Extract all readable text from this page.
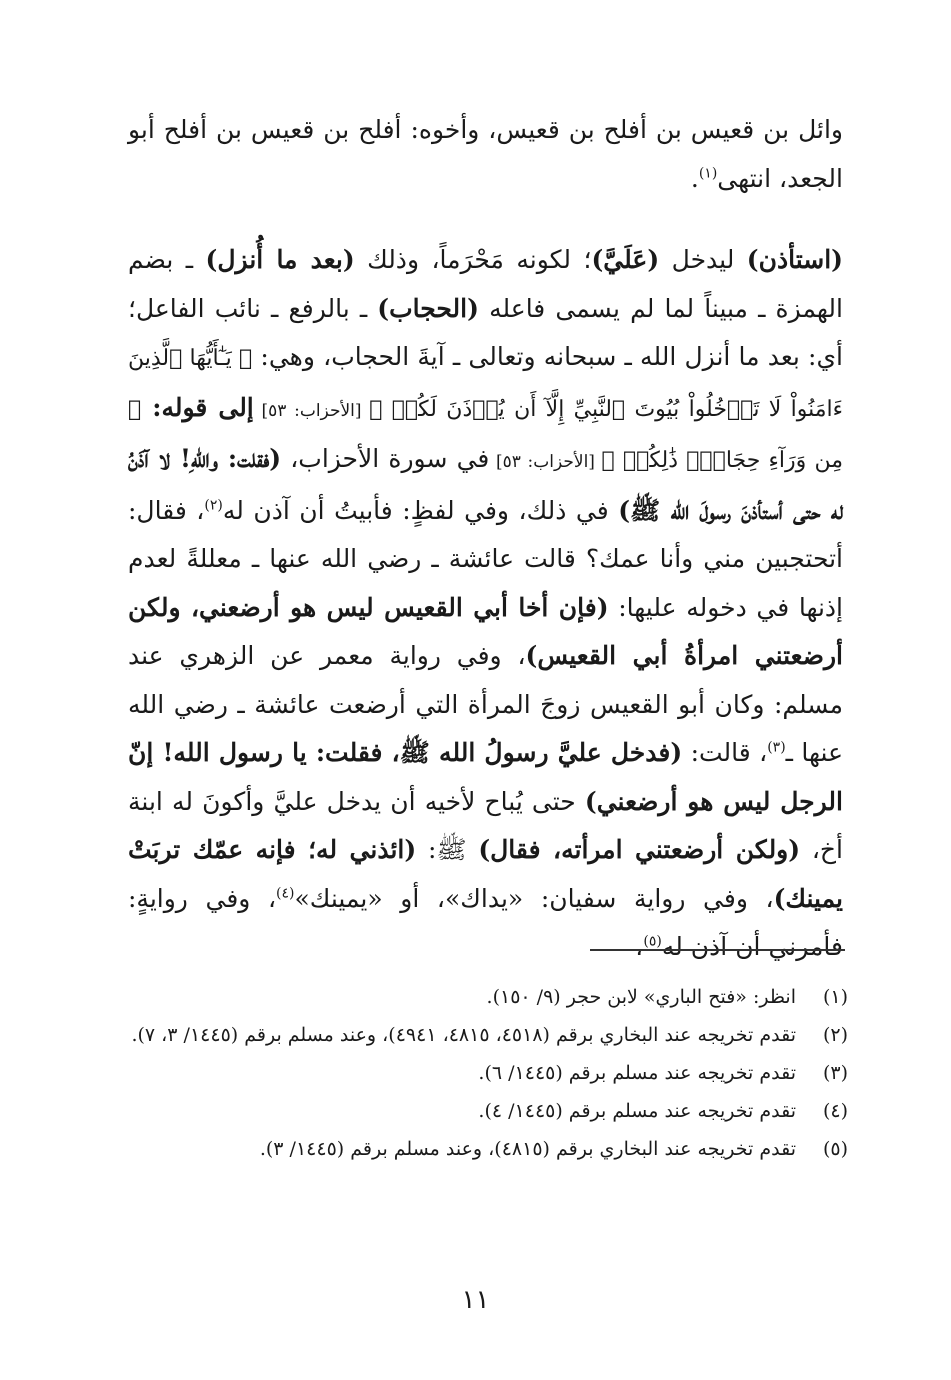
وائل بن قعيس بن أفلح بن قعيس، وأخوه: أفلح بن قعيس بن أفلح أبو الجعد، انتهى$^{(١)}$.

(استأذن) ليدخل (عَلَيَّ)؛ لكونه مَحْرَماً، وذلك (بعد ما أُنزل) ـ بضم الهمزة ـ مبيناً لما لم يسمى فاعله (الحجاب) ـ بالرفع ـ نائب الفاعل؛ أي: بعد ما أنزل الله ـ سبحانه وتعالى ـ آيةَ الحجاب، وهي: ﴿ يَـٰٓأَيُّهَا ٱلَّذِينَ ءَامَنُواْ لَا تَدۡخُلُواْ بُيُوتَ ٱلنَّبِيِّ إِلَّآ أَن يُؤۡذَنَ لَكُمۡ ﴾ [الأحزاب: ٥٣] إلى قوله: ﴿ مِن وَرَآءِ حِجَابٖۚ ذَٰلِكُمۡ ﴾ [الأحزاب: ٥٣] في سورة الأحزاب، (فقلت: واللهِ! لا آذَنُ له حتى أستأذنَ رسولَ الله ﷺ) في ذلك، وفي لفظٍ: فأبيتُ أن آذن له$^{(٢)}$، فقال: أتحتجبين مني وأنا عمك؟ قالت عائشة ـ رضي الله عنها ـ معللةً لعدم إذنها في دخوله عليها: (فإن أخا أبي القعيس ليس هو أرضعني، ولكن أرضعتني امرأةُ أبي القعيس)، وفي رواية معمر عن الزهري عند مسلم: وكان أبو القعيس زوجَ المرأة التي أرضعت عائشة ـ رضي الله عنها ـ$^{(٣)}$، قالت: (فدخل عليَّ رسولُ الله ﷺ، فقلت: يا رسول الله! إنّ الرجل ليس هو أرضعني) حتى يُباح لأخيه أن يدخل عليَّ وأكونَ له ابنة أخ، (ولكن أرضعتني امرأته، فقال) ﷺ: (ائذني له؛ فإنه عمّك تربَتْ يمينك)، وفي رواية سفيان: «يداك»، أو «يمينك»$^{(٤)}$، وفي روايةٍ: فأمرني أن آذن له$^{(٥)}$،

(١)
انظر: «فتح الباري» لابن حجر (٩/ ١٥٠).
(٢)
تقدم تخريجه عند البخاري برقم (٤٥١٨، ٤٨١٥، ٤٩٤١)، وعند مسلم برقم (١٤٤٥/ ٣، ٧).
(٣)
تقدم تخريجه عند مسلم برقم (١٤٤٥/ ٦).
(٤)
تقدم تخريجه عند مسلم برقم (١٤٤٥/ ٤).
(٥)
تقدم تخريجه عند البخاري برقم (٤٨١٥)، وعند مسلم برقم (١٤٤٥/ ٣).
١١
